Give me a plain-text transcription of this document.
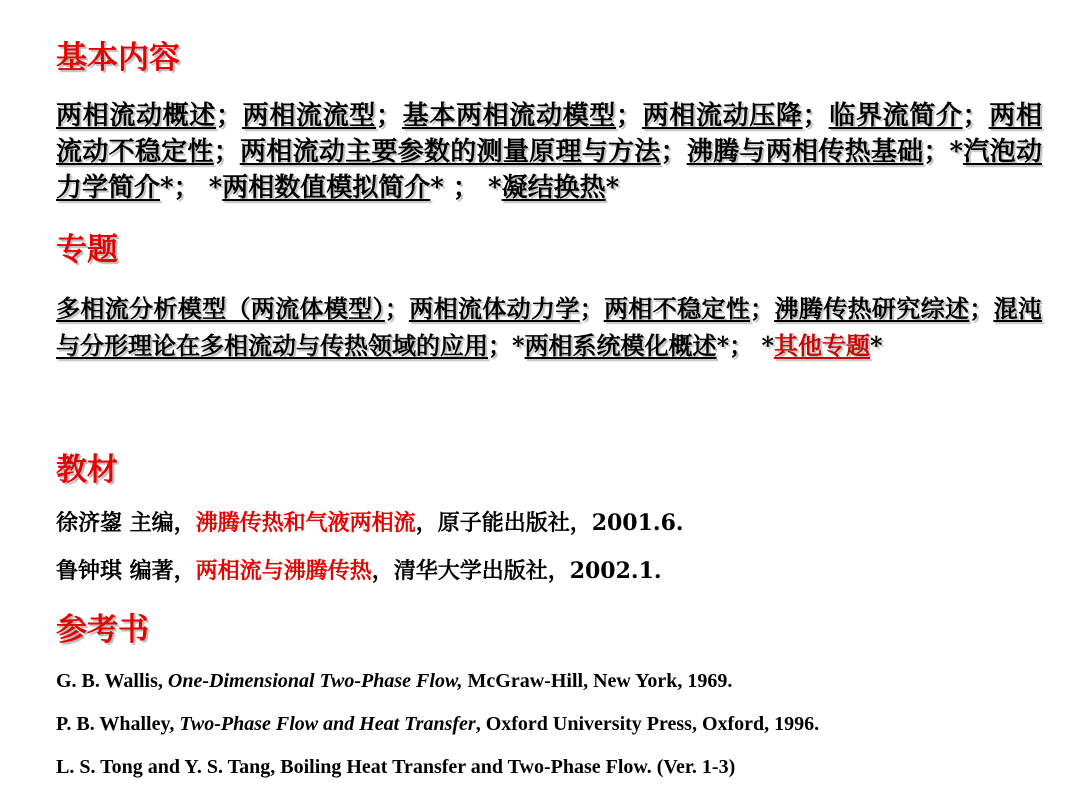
基本内容

两相流动概述；两相流流型；基本两相流动模型；两相流动压降；临界流简介；两相流动不稳定性；两相流动主要参数的测量原理与方法；沸腾与两相传热基础；*汽泡动力学简介*； *两相数值模拟简介* ； *凝结换热*

专题

多相流分析模型（两流体模型）；两相流体动力学；两相不稳定性；沸腾传热研究综述；混沌与分形理论在多相流动与传热领域的应用；*两相系统模化概述*； *其他专题*

教材

徐济鋆 主编，沸腾传热和气液两相流，原子能出版社，2001.6.

鲁钟琪 编著，两相流与沸腾传热，清华大学出版社，2002.1.

参考书

G. B. Wallis, One-Dimensional Two-Phase Flow, McGraw-Hill, New York, 1969.

P. B. Whalley, Two-Phase Flow and Heat Transfer, Oxford University Press, Oxford, 1996.

L. S. Tong and Y. S. Tang, Boiling Heat Transfer and Two-Phase Flow. (Ver. 1-3)
